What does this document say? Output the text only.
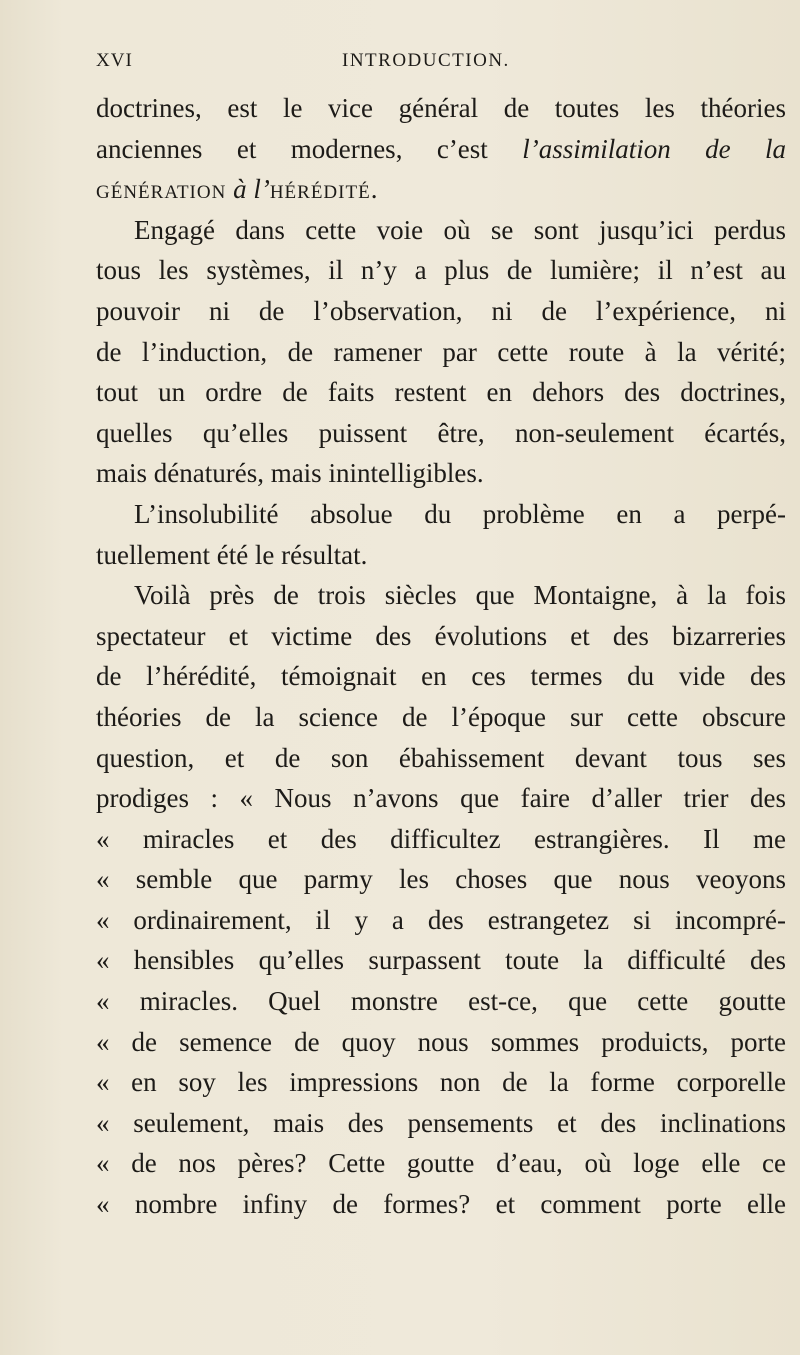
XVI	INTRODUCTION.
doctrines, est le vice général de toutes les théories
anciennes et modernes, c’est l’assimilation de la
génération à l’hérédité.
Engagé dans cette voie où se sont jusqu’ici perdus
tous les systèmes, il n’y a plus de lumière; il n’est au
pouvoir ni de l’observation, ni de l’expérience, ni
de l’induction, de ramener par cette route à la vérité;
tout un ordre de faits restent en dehors des doctrines,
quelles qu’elles puissent être, non-seulement écartés,
mais dénaturés, mais inintelligibles.
L’insolubilité absolue du problème en a perpé-
tuellement été le résultat.
Voilà près de trois siècles que Montaigne, à la fois
spectateur et victime des évolutions et des bizarreries
de l’hérédité, témoignait en ces termes du vide des
théories de la science de l’époque sur cette obscure
question, et de son ébahissement devant tous ses
prodiges : « Nous n’avons que faire d’aller trier des
« miracles et des difficultez estrangières. Il me
« semble que parmy les choses que nous veoyons
« ordinairement, il y a des estrangetez si incompré-
« hensibles qu’elles surpassent toute la difficulté des
« miracles. Quel monstre est-ce, que cette goutte
« de semence de quoy nous sommes produicts, porte
« en soy les impressions non de la forme corporelle
« seulement, mais des pensements et des inclinations
« de nos pères? Cette goutte d’eau, où loge elle ce
« nombre infiny de formes? et comment porte elle
